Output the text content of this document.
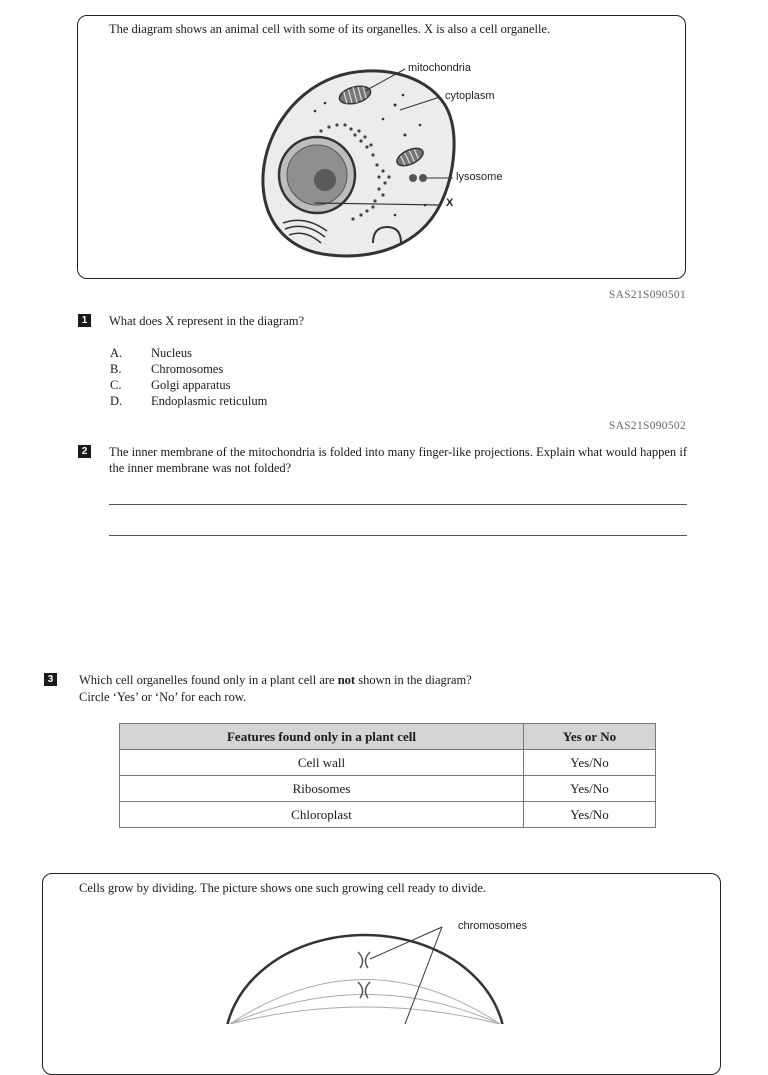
The diagram shows an animal cell with some of its organelles. X is also a cell organelle.
mitochondria
cytoplasm
lysosome
X
SAS21S090501
1 What does X represent in the diagram?
A. Nucleus
B. Chromosomes
C. Golgi apparatus
D. Endoplasmic reticulum
SAS21S090502
2 The inner membrane of the mitochondria is folded into many finger-like projections. Explain what would happen if the inner membrane was not folded?
3 Which cell organelles found only in a plant cell are not shown in the diagram?
Circle ‘Yes’ or ‘No’ for each row.
Features found only in a plant cell	Yes or No
Cell wall	Yes/No
Ribosomes	Yes/No
Chloroplast	Yes/No
Cells grow by dividing. The picture shows one such growing cell ready to divide.
chromosomes
